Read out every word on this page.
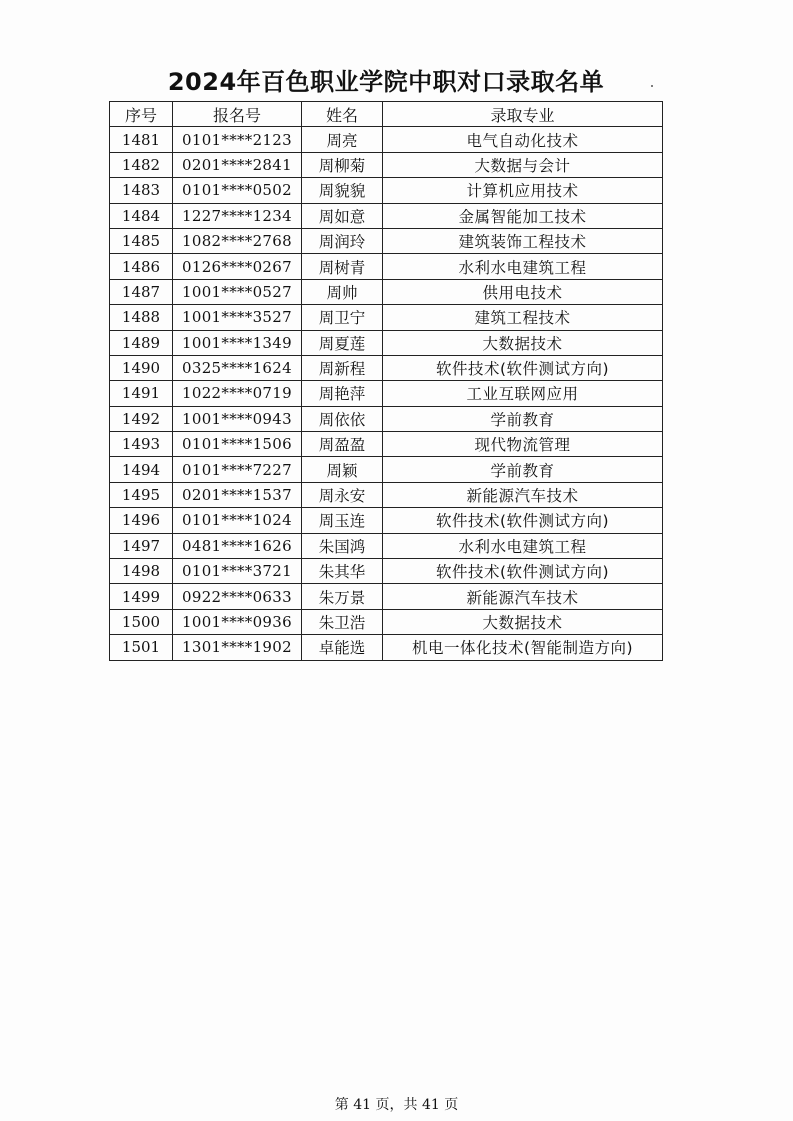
2024年百色职业学院中职对口录取名单
序号	报名号	姓名	录取专业
1481	0101****2123	周亮	电气自动化技术
1482	0201****2841	周柳菊	大数据与会计
1483	0101****0502	周貌貌	计算机应用技术
1484	1227****1234	周如意	金属智能加工技术
1485	1082****2768	周润玲	建筑装饰工程技术
1486	0126****0267	周树青	水利水电建筑工程
1487	1001****0527	周帅	供用电技术
1488	1001****3527	周卫宁	建筑工程技术
1489	1001****1349	周夏莲	大数据技术
1490	0325****1624	周新程	软件技术(软件测试方向)
1491	1022****0719	周艳萍	工业互联网应用
1492	1001****0943	周依依	学前教育
1493	0101****1506	周盈盈	现代物流管理
1494	0101****7227	周颖	学前教育
1495	0201****1537	周永安	新能源汽车技术
1496	0101****1024	周玉连	软件技术(软件测试方向)
1497	0481****1626	朱国鸿	水利水电建筑工程
1498	0101****3721	朱其华	软件技术(软件测试方向)
1499	0922****0633	朱万景	新能源汽车技术
1500	1001****0936	朱卫浩	大数据技术
1501	1301****1902	卓能选	机电一体化技术(智能制造方向)
第 41 页，共 41 页
